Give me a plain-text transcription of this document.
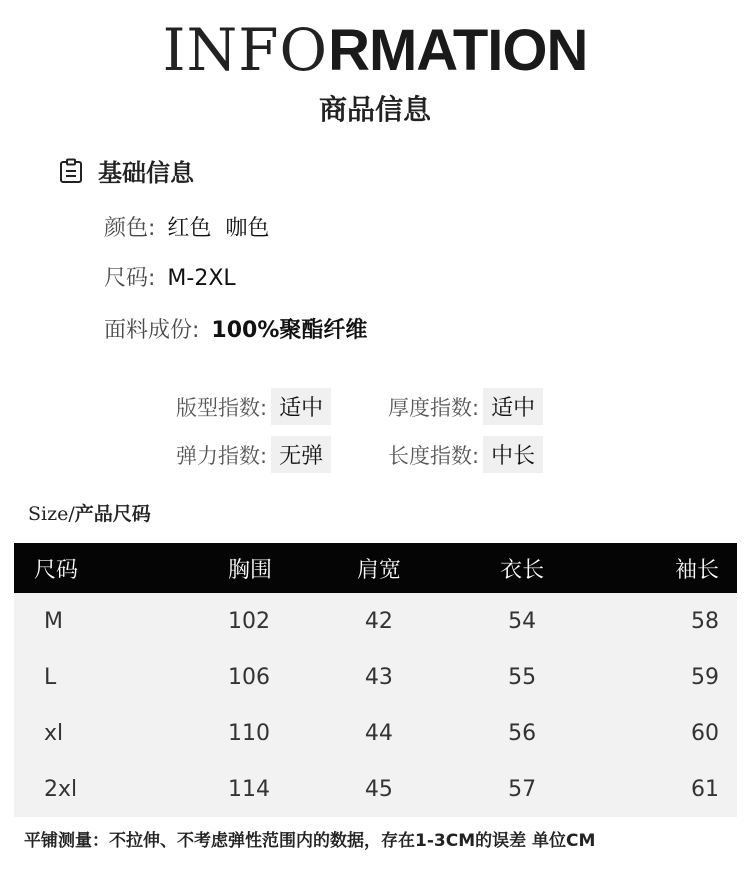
INFORMATION
商品信息
基础信息
颜色: 红色  咖色
尺码: M-2XL
面料成份: 100%聚酯纤维
版型指数: 适中	厚度指数: 适中
弹力指数: 无弹	长度指数: 中长
Size/产品尺码
尺码	胸围	肩宽	衣长	袖长
M	102	42	54	58
L	106	43	55	59
xl	110	44	56	60
2xl	114	45	57	61
平铺测量：不拉伸、不考虑弹性范围内的数据，存在1-3CM的误差 单位CM
